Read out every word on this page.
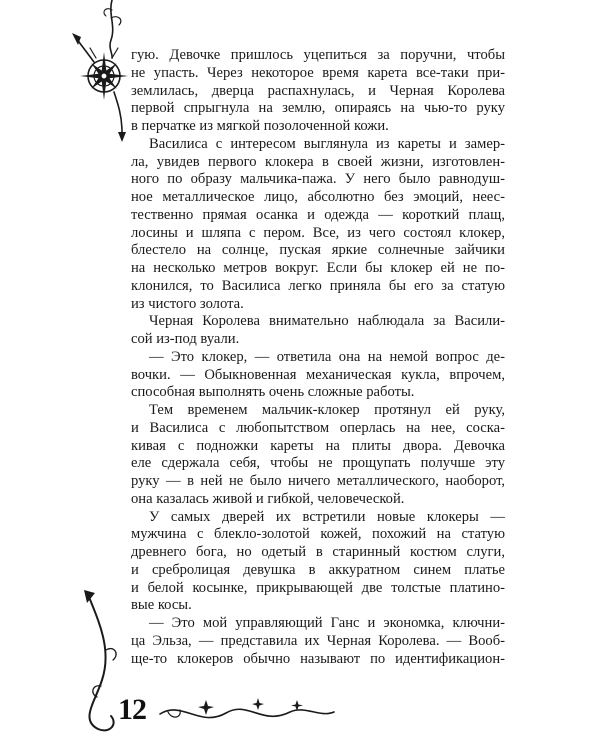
гую. Девочке пришлось уцепиться за поручни, чтобы
не упасть. Через некоторое время карета все-таки при-
землилась, дверца распахнулась, и Черная Королева
первой спрыгнула на землю, опираясь на чью-то руку
в перчатке из мягкой позолоченной кожи.
Василиса с интересом выглянула из кареты и замер-
ла, увидев первого клокера в своей жизни, изготовлен-
ного по образу мальчика-пажа. У него было равнодуш-
ное металлическое лицо, абсолютно без эмоций, неес-
тественно прямая осанка и одежда — короткий плащ,
лосины и шляпа с пером. Все, из чего состоял клокер,
блестело на солнце, пуская яркие солнечные зайчики
на несколько метров вокруг. Если бы клокер ей не по-
клонился, то Василиса легко приняла бы его за статую
из чистого золота.
Черная Королева внимательно наблюдала за Васили-
сой из-под вуали.
— Это клокер, — ответила она на немой вопрос де-
вочки. — Обыкновенная механическая кукла, впрочем,
способная выполнять очень сложные работы.
Тем временем мальчик-клокер протянул ей руку,
и Василиса с любопытством оперлась на нее, соска-
кивая с подножки кареты на плиты двора. Девочка
еле сдержала себя, чтобы не прощупать получше эту
руку — в ней не было ничего металлического, наоборот,
она казалась живой и гибкой, человеческой.
У самых дверей их встретили новые клокеры —
мужчина с блекло-золотой кожей, похожий на статую
древнего бога, но одетый в старинный костюм слуги,
и сребролицая девушка в аккуратном синем платье
и белой косынке, прикрывающей две толстые платино-
вые косы.
— Это мой управляющий Ганс и экономка, ключни-
ца Эльза, — представила их Черная Королева. — Вооб-
ще-то клокеров обычно называют по идентификацион-
12
